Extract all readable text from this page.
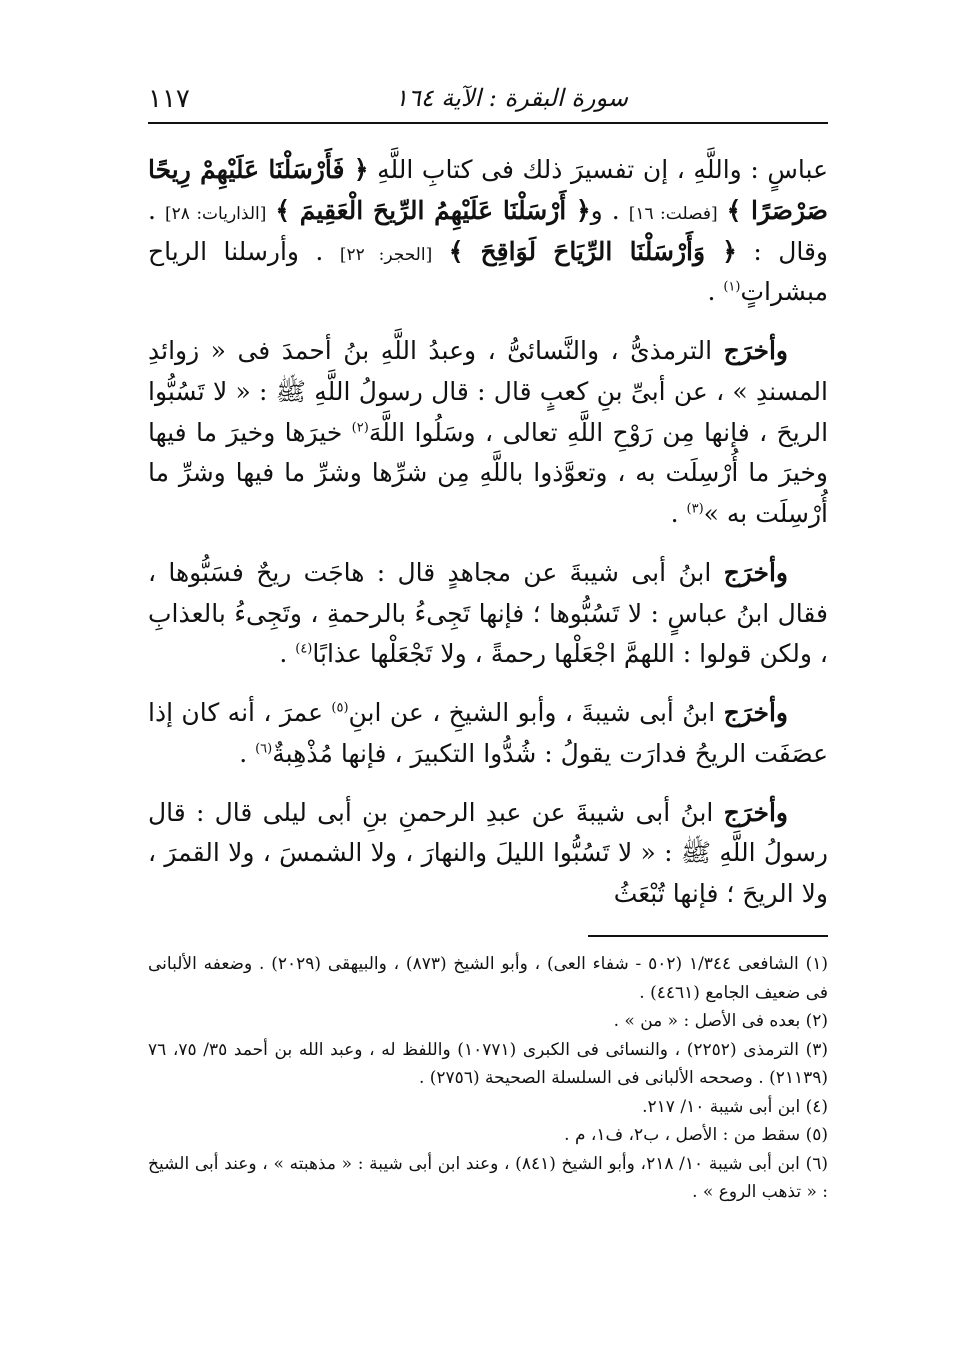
سورة البقرة : الآية ١٦٤
١١٧

عباسٍ : واللَّهِ ، إن تفسيرَ ذلك فى كتابِ اللَّهِ ﴿ فَأَرْسَلْنَا عَلَيْهِمْ رِيحًا صَرْصَرًا ﴾ [فصلت: ١٦] . و﴿ أَرْسَلْنَا عَلَيْهِمُ الرِّيحَ الْعَقِيمَ ﴾ [الذاريات: ٢٨] . وقال : ﴿ وَأَرْسَلْنَا الرِّيَاحَ لَوَاقِحَ ﴾ [الحجر: ٢٢] . وأرسلنا الرياح مبشراتٍ$^{(١)}$ .

وأخرَج الترمذىُّ ، والنَّسائىُّ ، وعبدُ اللَّهِ بنُ أحمدَ فى « زوائدِ المسندِ » ، عن أبىِّ بنِ كعبٍ قال : قال رسولُ اللَّهِ ﷺ : « لا تَسُبُّوا الريحَ ، فإنها مِن رَوْحِ اللَّهِ تعالى ، وسَلُوا اللَّهَ$^{(٢)}$ خيرَها وخيرَ ما فيها وخيرَ ما أُرْسِلَت به ، وتعوَّذوا باللَّهِ مِن شرِّها وشرِّ ما فيها وشرِّ ما أُرْسِلَت به »$^{(٣)}$ .

وأخرَج ابنُ أبى شيبةَ عن مجاهدٍ قال : هاجَت ريحٌ فسَبُّوها ، فقال ابنُ عباسٍ : لا تَسُبُّوها ؛ فإنها تَجِىءُ بالرحمةِ ، وتَجِىءُ بالعذابِ ، ولكن قولوا : اللهمَّ اجْعَلْها رحمةً ، ولا تَجْعَلْها عذابًا$^{(٤)}$ .

وأخرَج ابنُ أبى شيبةَ ، وأبو الشيخِ ، عن ابنِ$^{(٥)}$ عمرَ ، أنه كان إذا عصَفَت الريحُ فدارَت يقولُ : شُدُّوا التكبيرَ ، فإنها مُذْهِبةٌ$^{(٦)}$ .

وأخرَج ابنُ أبى شيبةَ عن عبدِ الرحمنِ بنِ أبى ليلى قال : قال رسولُ اللَّهِ ﷺ : « لا تَسُبُّوا الليلَ والنهارَ ، ولا الشمسَ ، ولا القمرَ ، ولا الريحَ ؛ فإنها تُبْعَثُ

(١) الشافعى ١/٣٤٤ (٥٠٢ - شفاء العى) ، وأبو الشيخ (٨٧٣) ، والبيهقى (٢٠٢٩) . وضعفه الألبانى فى ضعيف الجامع (٤٤٦١) .

(٢) بعده فى الأصل : « من » .

(٣) الترمذى (٢٢٥٢) ، والنسائى فى الكبرى (١٠٧٧١) واللفظ له ، وعبد الله بن أحمد ٣٥/ ٧٥، ٧٦ (٢١١٣٩) . وصححه الألبانى فى السلسلة الصحيحة (٢٧٥٦) .

(٤) ابن أبى شيبة ١٠/ ٢١٧.

(٥) سقط من : الأصل ، ب٢، ف١، م .

(٦) ابن أبى شيبة ١٠/ ٢١٨، وأبو الشيخ (٨٤١) ، وعند ابن أبى شيبة : « مذهبته » ، وعند أبى الشيخ : « تذهب الروع » .
